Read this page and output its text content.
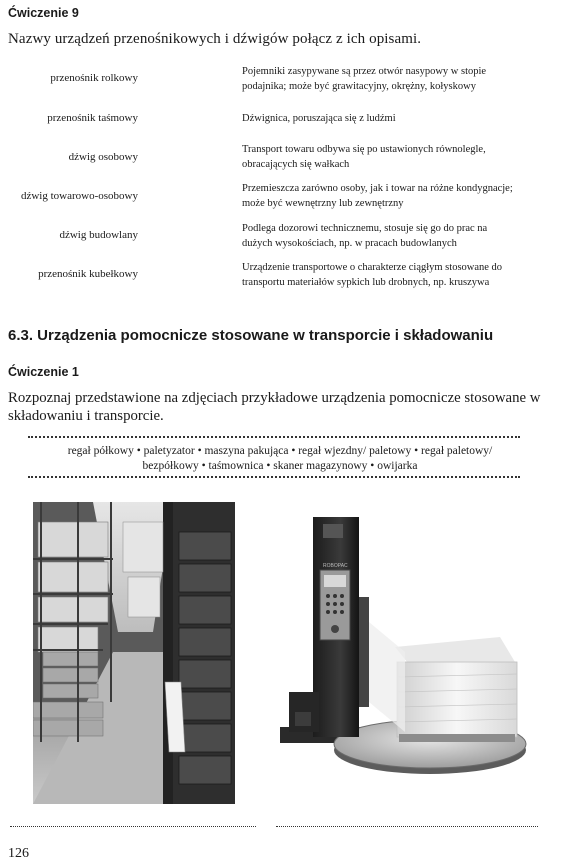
Ćwiczenie 9
Nazwy urządzeń przenośnikowych i dźwigów połącz z ich opisami.
przenośnik rolkowy
przenośnik taśmowy
dźwig osobowy
dźwig towarowo-osobowy
dźwig budowlany
przenośnik kubełkowy
Pojemniki zasypywane są przez otwór nasypowy w stopie
podajnika; może być grawitacyjny, okrężny, kołyskowy
Dźwignica, poruszająca się z ludźmi
Transport towaru odbywa się po ustawionych równolegle,
obracających się wałkach
Przemieszcza zarówno osoby, jak i towar na różne kondygnacje;
może być wewnętrzny lub zewnętrzny
Podlega dozorowi technicznemu, stosuje się go do prac na
dużych wysokościach, np. w pracach budowlanych
Urządzenie transportowe o charakterze ciągłym stosowane do
transportu materiałów sypkich lub drobnych, np. kruszywa
6.3. Urządzenia pomocnicze stosowane w transporcie i składowaniu
Ćwiczenie 1
Rozpoznaj przedstawione na zdjęciach przykładowe urządzenia pomocnicze stosowane w składowaniu i transporcie.
regał półkowy • paletyzator • maszyna pakująca • regał wjezdny/ paletowy • regał paletowy/
bezpółkowy • taśmownica • skaner magazynowy • owijarka
ROBOPAC
126
